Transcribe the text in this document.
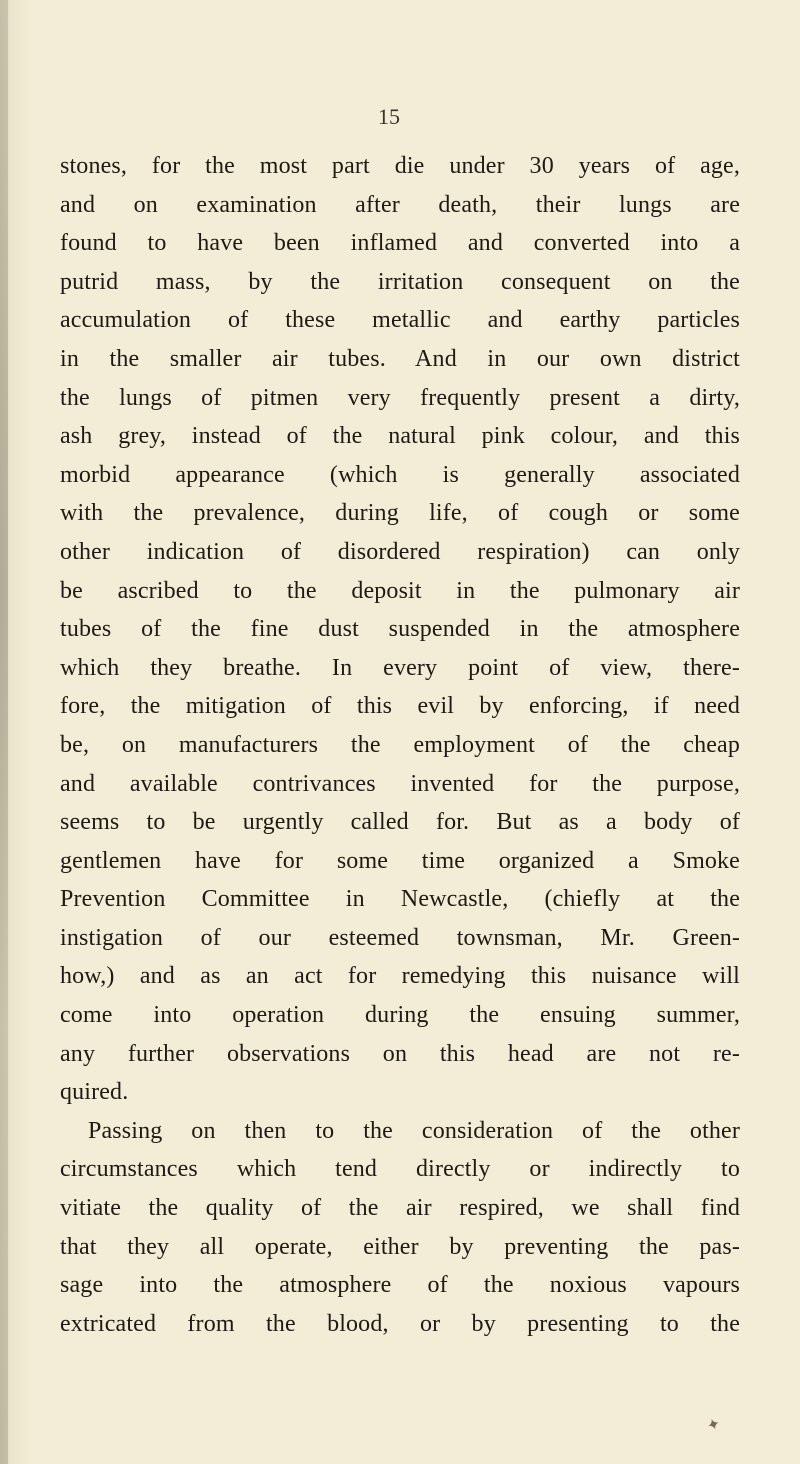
15
stones, for the most part die under 30 years of age,
and on examination after death, their lungs are
found to have been inflamed and converted into a
putrid mass, by the irritation consequent on the
accumulation of these metallic and earthy particles
in the smaller air tubes. And in our own district
the lungs of pitmen very frequently present a dirty,
ash grey, instead of the natural pink colour, and this
morbid appearance (which is generally associated
with the prevalence, during life, of cough or some
other indication of disordered respiration) can only
be ascribed to the deposit in the pulmonary air
tubes of the fine dust suspended in the atmosphere
which they breathe. In every point of view, there-
fore, the mitigation of this evil by enforcing, if need
be, on manufacturers the employment of the cheap
and available contrivances invented for the purpose,
seems to be urgently called for. But as a body of
gentlemen have for some time organized a Smoke
Prevention Committee in Newcastle, (chiefly at the
instigation of our esteemed townsman, Mr. Green-
how,) and as an act for remedying this nuisance will
come into operation during the ensuing summer,
any further observations on this head are not re-
quired.
Passing on then to the consideration of the other
circumstances which tend directly or indirectly to
vitiate the quality of the air respired, we shall find
that they all operate, either by preventing the pas-
sage into the atmosphere of the noxious vapours
extricated from the blood, or by presenting to the
✦
